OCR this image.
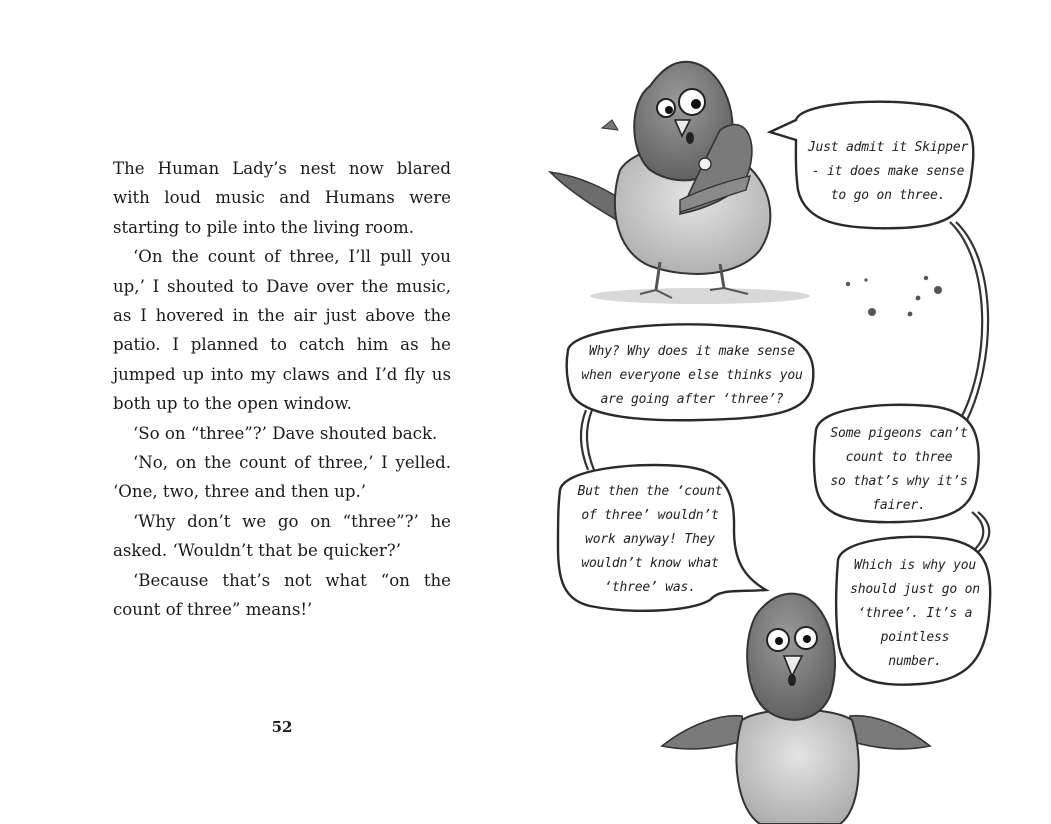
The Human Lady’s nest now blared with loud music and Humans were starting to pile into the living room.

‘On the count of three, I’ll pull you up,’ I shouted to Dave over the music, as I hovered in the air just above the patio. I planned to catch him as he jumped up into my claws and I’d fly us both up to the open window.

‘So on “three”?’ Dave shouted back.

‘No, on the count of three,’ I yelled. ‘One, two, three and then up.’

‘Why don’t we go on “three”?’ he asked. ‘Wouldn’t that be quicker?’

‘Because that’s not what “on the count of three” means!’

52
Just admit it Skipper
- it does make sense
to go on three.
Why? Why does it make sense
when everyone else thinks you
are going after ‘three’?
Some pigeons can’t
count to three
so that’s why it’s
fairer.
But then the ‘count
of three’ wouldn’t
work anyway! They
wouldn’t know what
‘three’ was.
Which is why you
should just go on
‘three’. It’s a
pointless
number.
